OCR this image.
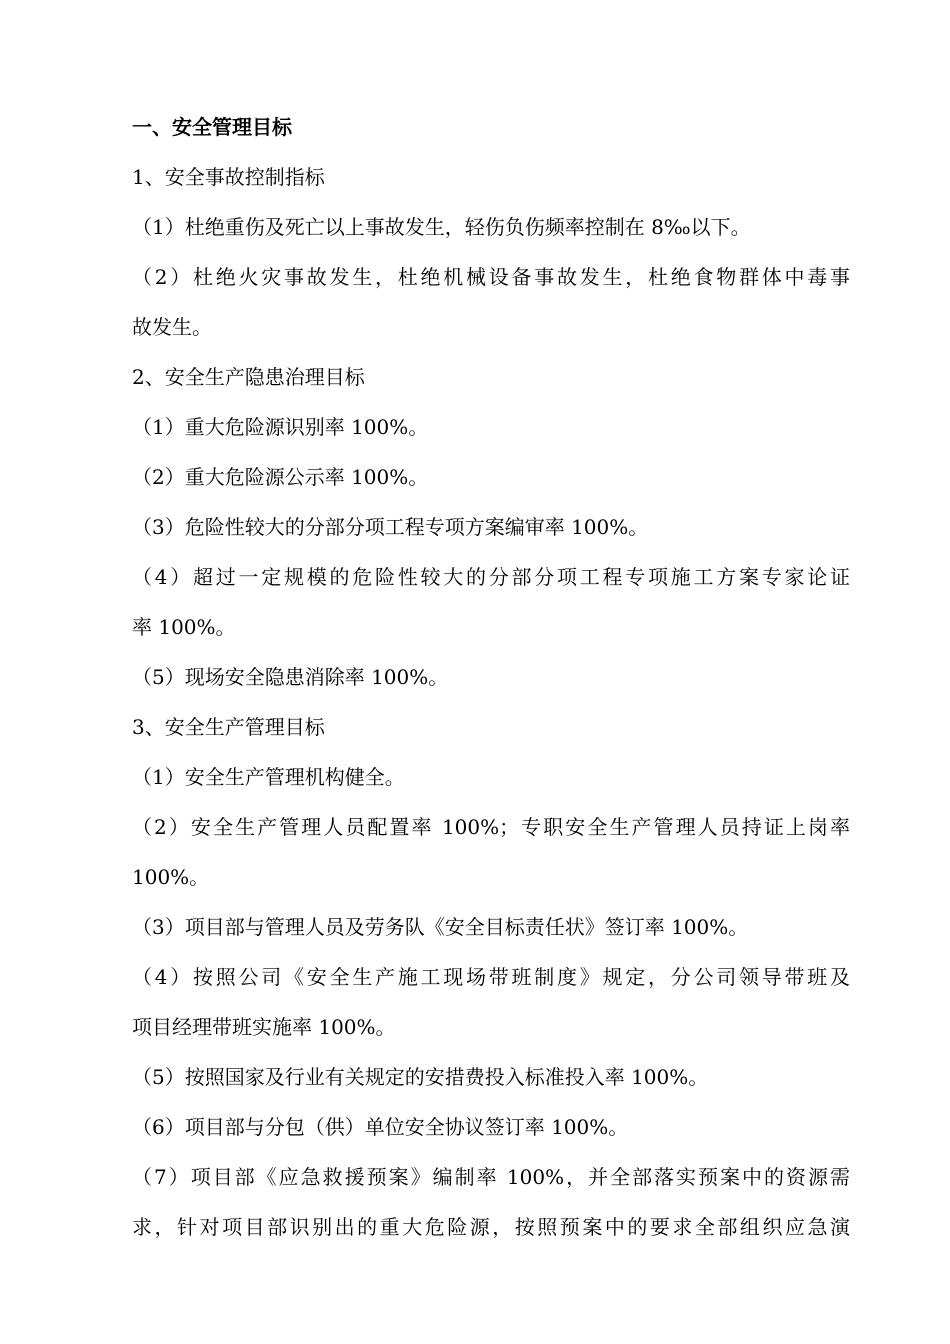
一、安全管理目标
1、安全事故控制指标
（1）杜绝重伤及死亡以上事故发生，轻伤负伤频率控制在 8‰以下。
（2）杜绝火灾事故发生，杜绝机械设备事故发生，杜绝食物群体中毒事
故发生。
2、安全生产隐患治理目标
（1）重大危险源识别率 100%。
（2）重大危险源公示率 100%。
（3）危险性较大的分部分项工程专项方案编审率 100%。
（4）超过一定规模的危险性较大的分部分项工程专项施工方案专家论证
率 100%。
（5）现场安全隐患消除率 100%。
3、安全生产管理目标
（1）安全生产管理机构健全。
（2）安全生产管理人员配置率 100%；专职安全生产管理人员持证上岗率
100%。
（3）项目部与管理人员及劳务队《安全目标责任状》签订率 100%。
（4）按照公司《安全生产施工现场带班制度》规定，分公司领导带班及
项目经理带班实施率 100%。
（5）按照国家及行业有关规定的安措费投入标准投入率 100%。
（6）项目部与分包（供）单位安全协议签订率 100%。
（7）项目部《应急救援预案》编制率 100%，并全部落实预案中的资源需
求，针对项目部识别出的重大危险源，按照预案中的要求全部组织应急演
